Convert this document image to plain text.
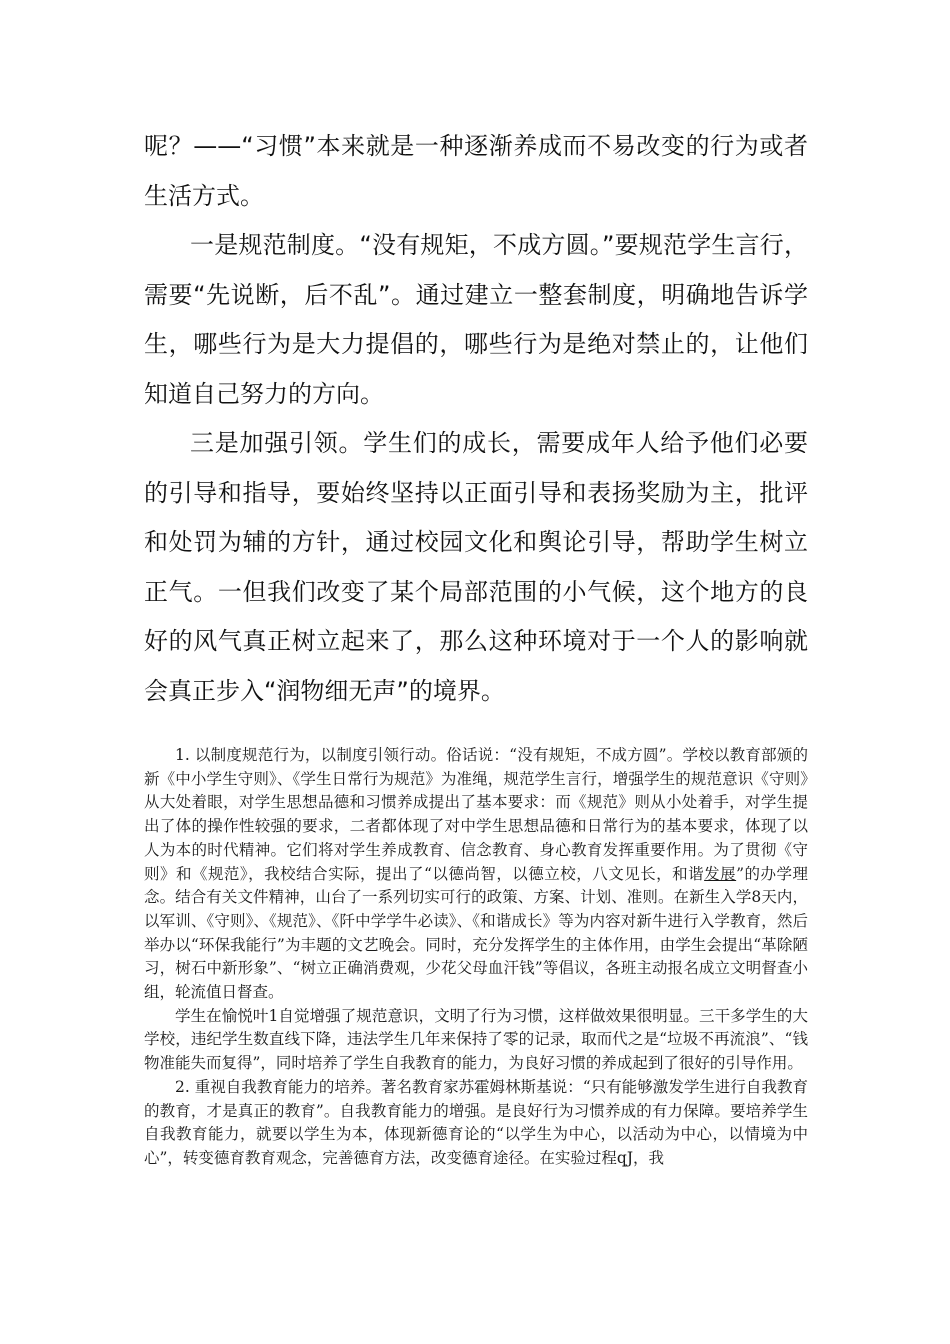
呢？——“习惯”本来就是一种逐渐养成而不易改变的行为或者生活方式。

一是规范制度。“没有规矩，不成方圆。”要规范学生言行，需要“先说断，后不乱”。通过建立一整套制度，明确地告诉学生，哪些行为是大力提倡的，哪些行为是绝对禁止的，让他们知道自己努力的方向。

三是加强引领。学生们的成长，需要成年人给予他们必要的引导和指导，要始终坚持以正面引导和表扬奖励为主，批评和处罚为辅的方针，通过校园文化和舆论引导，帮助学生树立正气。一但我们改变了某个局部范围的小气候，这个地方的良好的风气真正树立起来了，那么这种环境对于一个人的影响就会真正步入“润物细无声”的境界。

1. 以制度规范行为，以制度引领行动。俗话说：“没有规矩，不成方圆”。学校以教育部颁的新《中小学生守则》、《学生日常行为规范》为准绳，规范学生言行，增强学生的规范意识《守则》从大处着眼，对学生思想品德和习惯养成提出了基本要求：而《规范》则从小处着手，对学生提出了体的操作性较强的要求，二者都体现了对中学生思想品德和日常行为的基本要求，体现了以人为本的时代精神。它们将对学生养成教育、信念教育、身心教育发挥重要作用。为了贯彻《守则》和《规范》，我校结合实际，提出了“以德尚智，以德立校，八文见长，和谐发展”的办学理念。结合有关文件精神，山台了一系列切实可行的政策、方案、计划、准则。在新生入学8天内，以军训、《守则》、《规范》、《阡中学学牛必读》、《和谐成长》等为内容对新牛进行入学教育，然后举办以“环保我能行”为丰题的文艺晚会。同时，充分发挥学生的主体作用，由学生会提出“革除陋习，树石中新形象”、“树立正确消费观，少花父母血汗钱”等倡议，各班主动报名成立文明督查小组，轮流值日督查。

学生在愉悦叶1自觉增强了规范意识，文明了行为习惯，这样做效果很明显。三干多学生的大学校，违纪学生数直线下降，违法学生几年来保持了零的记录，取而代之是“垃圾不再流浪”、“钱物准能失而复得”，同时培养了学生自我教育的能力，为良好习惯的养成起到了很好的引导作用。

2. 重视自我教育能力的培养。著名教育家苏霍姆林斯基说：“只有能够激发学生进行自我教育的教育，才是真正的教育”。自我教育能力的增强。是良好行为习惯养成的有力保障。要培养学生自我教育能力，就要以学生为本，体现新德育论的“以学生为中心，以活动为中心，以情境为中心”，转变德育教育观念，完善德育方法，改变德育途径。在实验过程qJ，我
